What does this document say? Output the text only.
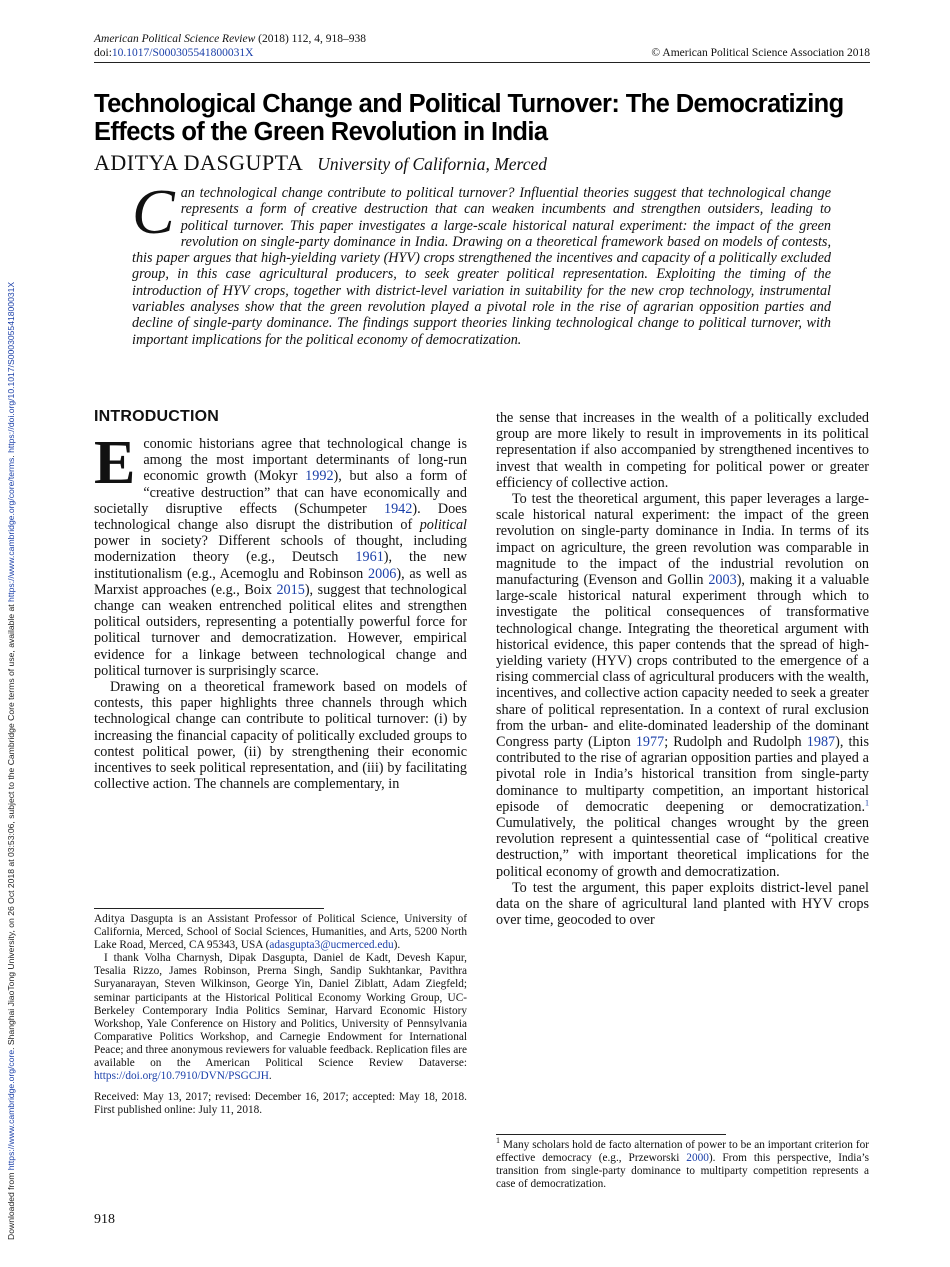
Downloaded from https://www.cambridge.org/core. Shanghai JiaoTong University, on 26 Oct 2018 at 03:53:06, subject to the Cambridge Core terms of use, available at https://www.cambridge.org/core/terms. https://doi.org/10.1017/S000305541800031X
American Political Science Review (2018) 112, 4, 918–938
doi:10.1017/S000305541800031X	© American Political Science Association 2018
Technological Change and Political Turnover: The Democratizing Effects of the Green Revolution in India
ADITYA DASGUPTA University of California, Merced
Can technological change contribute to political turnover? Influential theories suggest that technological change represents a form of creative destruction that can weaken incumbents and strengthen outsiders, leading to political turnover. This paper investigates a large-scale historical natural experiment: the impact of the green revolution on single-party dominance in India. Drawing on a theoretical framework based on models of contests, this paper argues that high-yielding variety (HYV) crops strengthened the incentives and capacity of a politically excluded group, in this case agricultural producers, to seek greater political representation. Exploiting the timing of the introduction of HYV crops, together with district-level variation in suitability for the new crop technology, instrumental variables analyses show that the green revolution played a pivotal role in the rise of agrarian opposition parties and decline of single-party dominance. The findings support theories linking technological change to political turnover, with important implications for the political economy of democratization.
INTRODUCTION

Economic historians agree that technological change is among the most important determinants of long-run economic growth (Mokyr 1992), but also a form of “creative destruction” that can have economically and societally disruptive effects (Schumpeter 1942). Does technological change also disrupt the distribution of political power in society? Different schools of thought, including modernization theory (e.g., Deutsch 1961), the new institutionalism (e.g., Acemoglu and Robinson 2006), as well as Marxist approaches (e.g., Boix 2015), suggest that technological change can weaken entrenched political elites and strengthen political outsiders, representing a potentially powerful force for political turnover and democratization. However, empirical evidence for a linkage between technological change and political turnover is surprisingly scarce.

Drawing on a theoretical framework based on models of contests, this paper highlights three channels through which technological change can contribute to political turnover: (i) by increasing the financial capacity of politically excluded groups to contest political power, (ii) by strengthening their economic incentives to seek political representation, and (iii) by facilitating collective action. The channels are complementary, in

the sense that increases in the wealth of a politically excluded group are more likely to result in improvements in its political representation if also accompanied by strengthened incentives to invest that wealth in competing for political power or greater efficiency of collective action.

To test the theoretical argument, this paper leverages a large-scale historical natural experiment: the impact of the green revolution on single-party dominance in India. In terms of its impact on agriculture, the green revolution was comparable in magnitude to the impact of the industrial revolution on manufacturing (Evenson and Gollin 2003), making it a valuable large-scale historical natural experiment through which to investigate the political consequences of transformative technological change. Integrating the theoretical argument with historical evidence, this paper contends that the spread of high-yielding variety (HYV) crops contributed to the emergence of a rising commercial class of agricultural producers with the wealth, incentives, and collective action capacity needed to seek a greater share of political representation. In a context of rural exclusion from the urban- and elite-dominated leadership of the dominant Congress party (Lipton 1977; Rudolph and Rudolph 1987), this contributed to the rise of agrarian opposition parties and played a pivotal role in India’s historical transition from single-party dominance to multiparty competition, an important historical episode of democratic deepening or democratization.$^1$ Cumulatively, the political changes wrought by the green revolution represent a quintessential case of “political creative destruction,” with important theoretical implications for the political economy of growth and democratization.

To test the argument, this paper exploits district-level panel data on the share of agricultural land planted with HYV crops over time, geocoded to over

Aditya Dasgupta is an Assistant Professor of Political Science, University of California, Merced, School of Social Sciences, Humanities, and Arts, 5200 North Lake Road, Merced, CA 95343, USA (adasgupta3@ucmerced.edu).

I thank Volha Charnysh, Dipak Dasgupta, Daniel de Kadt, Devesh Kapur, Tesalia Rizzo, James Robinson, Prerna Singh, Sandip Sukhtankar, Pavithra Suryanarayan, Steven Wilkinson, George Yin, Daniel Ziblatt, Adam Ziegfeld; seminar participants at the Historical Political Economy Working Group, UC-Berkeley Contemporary India Politics Seminar, Harvard Economic History Workshop, Yale Conference on History and Politics, University of Pennsylvania Comparative Politics Workshop, and Carnegie Endowment for International Peace; and three anonymous reviewers for valuable feedback. Replication files are available on the American Political Science Review Dataverse: https://doi.org/10.7910/DVN/PSGCJH.

Received: May 13, 2017; revised: December 16, 2017; accepted: May 18, 2018. First published online: July 11, 2018.

$^1$ Many scholars hold de facto alternation of power to be an important criterion for effective democracy (e.g., Przeworski 2000). From this perspective, India’s transition from single-party dominance to multiparty competition represents a case of democratization.

918
